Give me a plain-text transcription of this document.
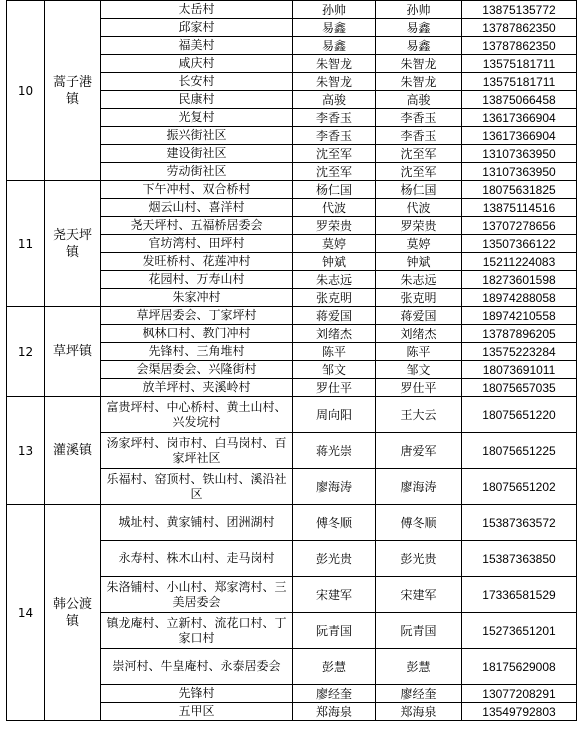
10	蒿子港镇	太岳村	孙帅	孙帅	13875135772
		邱家村	易鑫	易鑫	13787862350
		福美村	易鑫	易鑫	13787862350
		咸庆村	朱智龙	朱智龙	13575181711
		长安村	朱智龙	朱智龙	13575181711
		民康村	高骏	高骏	13875066458
		光复村	李香玉	李香玉	13617366904
		振兴街社区	李香玉	李香玉	13617366904
		建设街社区	沈至军	沈至军	13107363950
		劳动街社区	沈至军	沈至军	13107363950
11	尧天坪镇	下午冲村、双合桥村	杨仁国	杨仁国	18075631825
		烟云山村、喜洋村	代波	代波	13875114516
		尧天坪村、五福桥居委会	罗荣贵	罗荣贵	13707278656
		官坊湾村、田坪村	莫婷	莫婷	13507366122
		发旺桥村、花莲冲村	钟斌	钟斌	15211224083
		花园村、万寿山村	朱志远	朱志远	18273601598
		朱家冲村	张克明	张克明	18974288058
12	草坪镇	草坪居委会、丁家坪村	蒋爱国	蒋爱国	18974210558
		枫林口村、教门冲村	刘绪杰	刘绪杰	13787896205
		先锋村、三角堆村	陈平	陈平	13575223284
		会渠居委会、兴隆街村	邹文	邹文	18073691011
		放羊坪村、夹溪岭村	罗仕平	罗仕平	18075657035
13	灌溪镇	富贵坪村、中心桥村、黄土山村、兴发垸村	周向阳	王大云	18075651220
		汤家坪村、岗市村、白马岗村、百家坪社区	蒋光崇	唐爱军	18075651225
		乐福村、窑顶村、铁山村、溪沿社区	廖海涛	廖海涛	18075651202
14	韩公渡镇	城址村、黄家铺村、团洲湖村	傅冬顺	傅冬顺	15387363572
		永寿村、株木山村、走马岗村	彭光贵	彭光贵	15387363850
		朱洛铺村、小山村、郑家湾村、三美居委会	宋建军	宋建军	17336581529
		镇龙庵村、立新村、流花口村、丁家口村	阮青国	阮青国	15273651201
		崇河村、牛皇庵村、永泰居委会	彭慧	彭慧	18175629008
		先锋村	廖经奎	廖经奎	13077208291
		五甲区	郑海泉	郑海泉	13549792803
